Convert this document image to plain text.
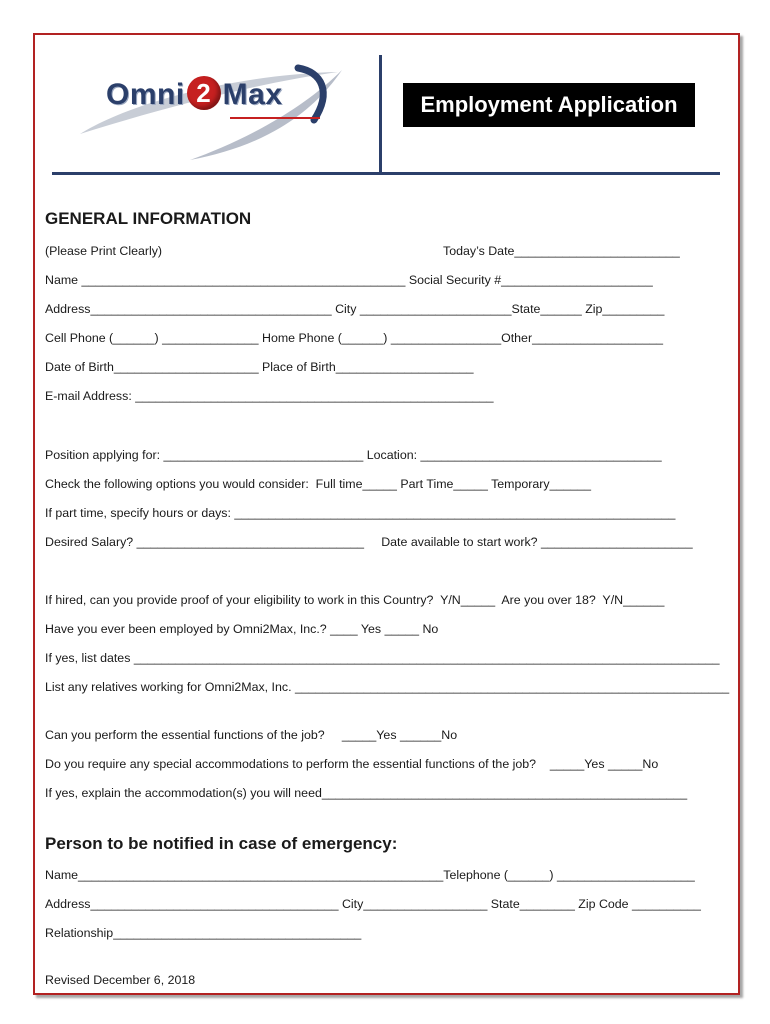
Omni 2 Max	Employment Application
GENERAL INFORMATION
(Please Print Clearly)	Today’s Date________________________
Name _______________________________________________ Social Security #______________________
Address___________________________________ City ______________________State______ Zip_________
Cell Phone (______) ______________ Home Phone (______) ________________Other___________________
Date of Birth_____________________ Place of Birth____________________
E-mail Address: ____________________________________________________
Position applying for: _____________________________ Location: ___________________________________
Check the following options you would consider:  Full time_____ Part Time_____ Temporary______
If part time, specify hours or days: ________________________________________________________________
Desired Salary? _________________________________     Date available to start work? ______________________
If hired, can you provide proof of your eligibility to work in this Country?  Y/N_____  Are you over 18?  Y/N______
Have you ever been employed by Omni2Max, Inc.? ____ Yes _____ No
If yes, list dates _____________________________________________________________________________________
List any relatives working for Omni2Max, Inc. _______________________________________________________________
Can you perform the essential functions of the job?     _____Yes ______No
Do you require any special accommodations to perform the essential functions of the job?    _____Yes _____No
If yes, explain the accommodation(s) you will need_____________________________________________________
Person to be notified in case of emergency:
Name_____________________________________________________Telephone (______) ____________________
Address____________________________________ City__________________ State________ Zip Code __________
Relationship____________________________________
Revised December 6, 2018
